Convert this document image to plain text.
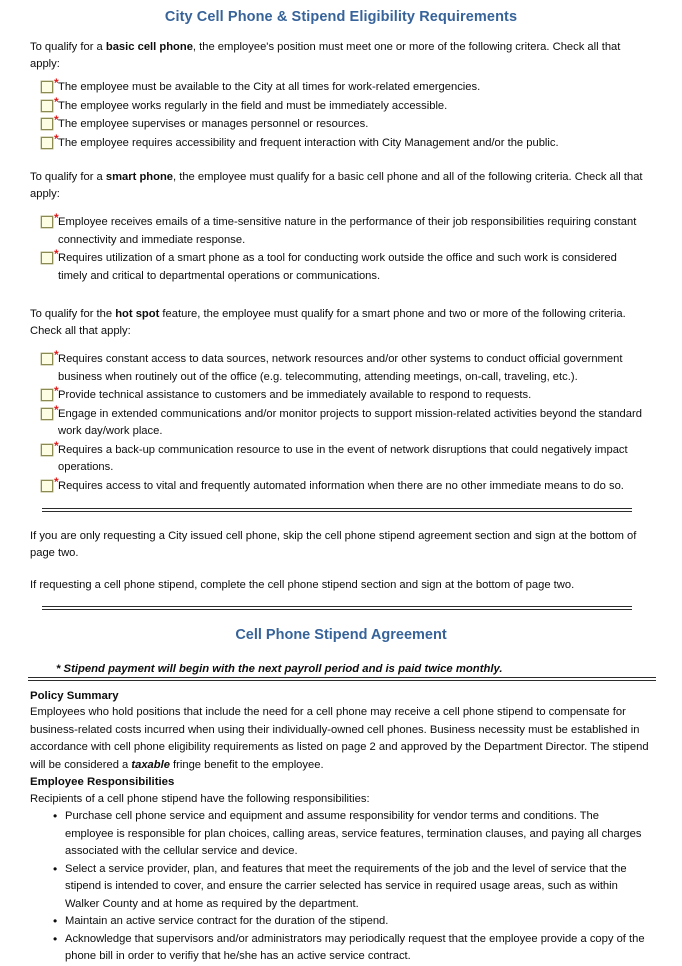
City Cell Phone & Stipend Eligibility Requirements

To qualify for a basic cell phone, the employee's position must meet one or more of the following critera. Check all that apply:

* The employee must be available to the City at all times for work-related emergencies.
* The employee works regularly in the field and must be immediately accessible.
* The employee supervises or manages personnel or resources.
* The employee requires accessibility and frequent interaction with City Management and/or the public.

To qualify for a smart phone, the employee must qualify for a basic cell phone and all of the following criteria. Check all that apply:

* Employee receives emails of a time-sensitive nature in the performance of their job responsibilities requiring constant connectivity and immediate response.
* Requires utilization of a smart phone as a tool for conducting work outside the office and such work is considered timely and critical to departmental operations or communications.

To qualify for the hot spot feature, the employee must qualify for a smart phone and two or more of the following criteria. Check all that apply:

* Requires constant access to data sources, network resources and/or other systems to conduct official government business when routinely out of the office (e.g. telecommuting, attending meetings, on-call, traveling, etc.).
* Provide technical assistance to customers and be immediately available to respond to requests.
* Engage in extended communications and/or monitor projects to support mission-related activities beyond the standard work day/work place.
* Requires a back-up communication resource to use in the event of network disruptions that could negatively impact operations.
* Requires access to vital and frequently automated information when there are no other immediate means to do so.

If you are only requesting a City issued cell phone, skip the cell phone stipend agreement section and sign at the bottom of page two.

If requesting a cell phone stipend, complete the cell phone stipend section and sign at the bottom of page two.

Cell Phone Stipend Agreement

* Stipend payment will begin with the next payroll period and is paid twice monthly.

Policy Summary

Employees who hold positions that include the need for a cell phone may receive a cell phone stipend to compensate for business-related costs incurred when using their individually-owned cell phones. Business necessity must be established in accordance with cell phone eligibility requirements as listed on page 2 and approved by the Department Director. The stipend will be considered a taxable fringe benefit to the employee.

Employee Responsibilities

Recipients of a cell phone stipend have the following responsibilities:

• Purchase cell phone service and equipment and assume responsibility for vendor terms and conditions. The employee is responsible for plan choices, calling areas, service features, termination clauses, and paying all charges associated with the cellular service and device.
• Select a service provider, plan, and features that meet the requirements of the job and the level of service that the stipend is intended to cover, and ensure the carrier selected has service in required usage areas, such as within Walker County and at home as required by the department.
• Maintain an active service contract for the duration of the stipend.
• Acknowledge that supervisors and/or administrators may periodically request that the employee provide a copy of the phone bill in order to verifiy that he/she has an active service contract.
